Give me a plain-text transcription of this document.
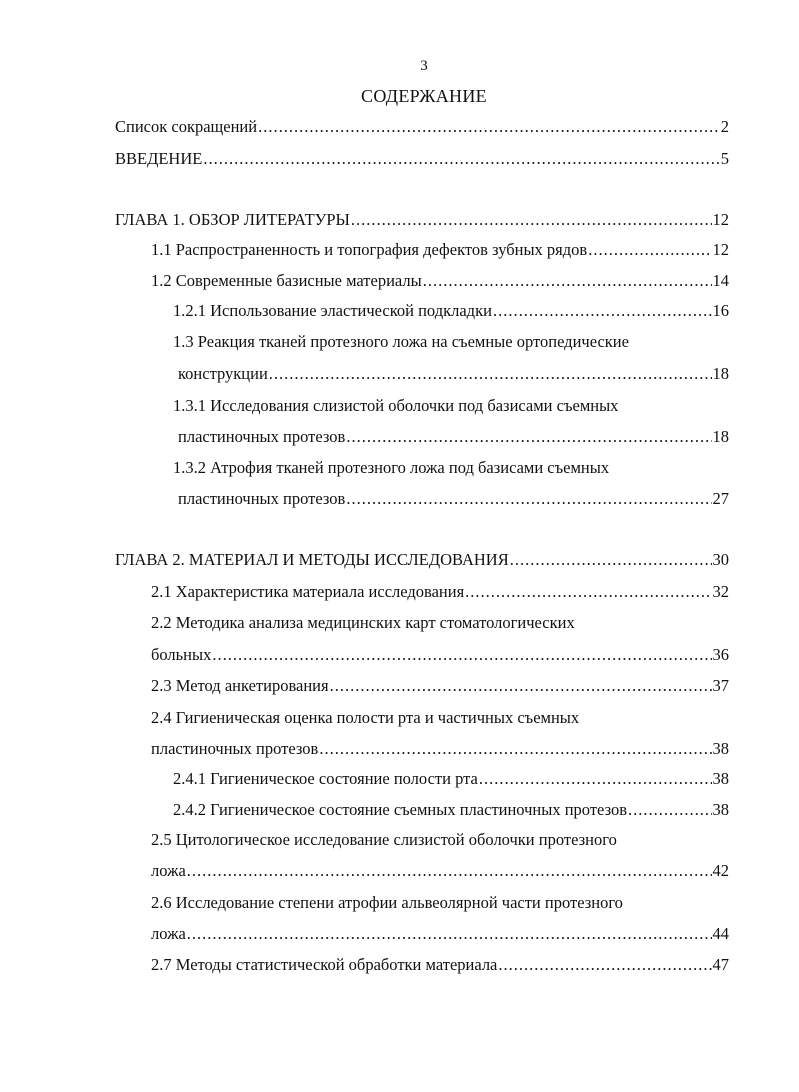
3
СОДЕРЖАНИЕ
Список сокращений .....	2
ВВЕДЕНИЕ .....	5
ГЛАВА 1. ОБЗОР ЛИТЕРАТУРЫ .....	12
1.1 Распространенность и топография дефектов зубных рядов .....	12
1.2 Современные базисные материалы .....	14
1.2.1 Использование эластической подкладки .....	16
1.3 Реакция тканей протезного ложа на съемные ортопедические
конструкции .....	18
1.3.1 Исследования слизистой оболочки под базисами съемных
пластиночных протезов .....	18
1.3.2 Атрофия тканей протезного ложа под базисами съемных
пластиночных протезов .....	27
ГЛАВА 2. МАТЕРИАЛ И МЕТОДЫ ИССЛЕДОВАНИЯ .....	30
2.1 Характеристика материала исследования .....	32
2.2 Методика анализа медицинских карт стоматологических
больных .....	36
2.3 Метод анкетирования .....	37
2.4 Гигиеническая оценка полости рта и частичных съемных
пластиночных протезов .....	38
2.4.1 Гигиеническое состояние полости рта .....	38
2.4.2 Гигиеническое состояние съемных пластиночных протезов .....	38
2.5 Цитологическое исследование слизистой оболочки протезного
ложа .....	42
2.6 Исследование степени атрофии альвеолярной части протезного
ложа .....	44
2.7 Методы статистической обработки материала .....	47
